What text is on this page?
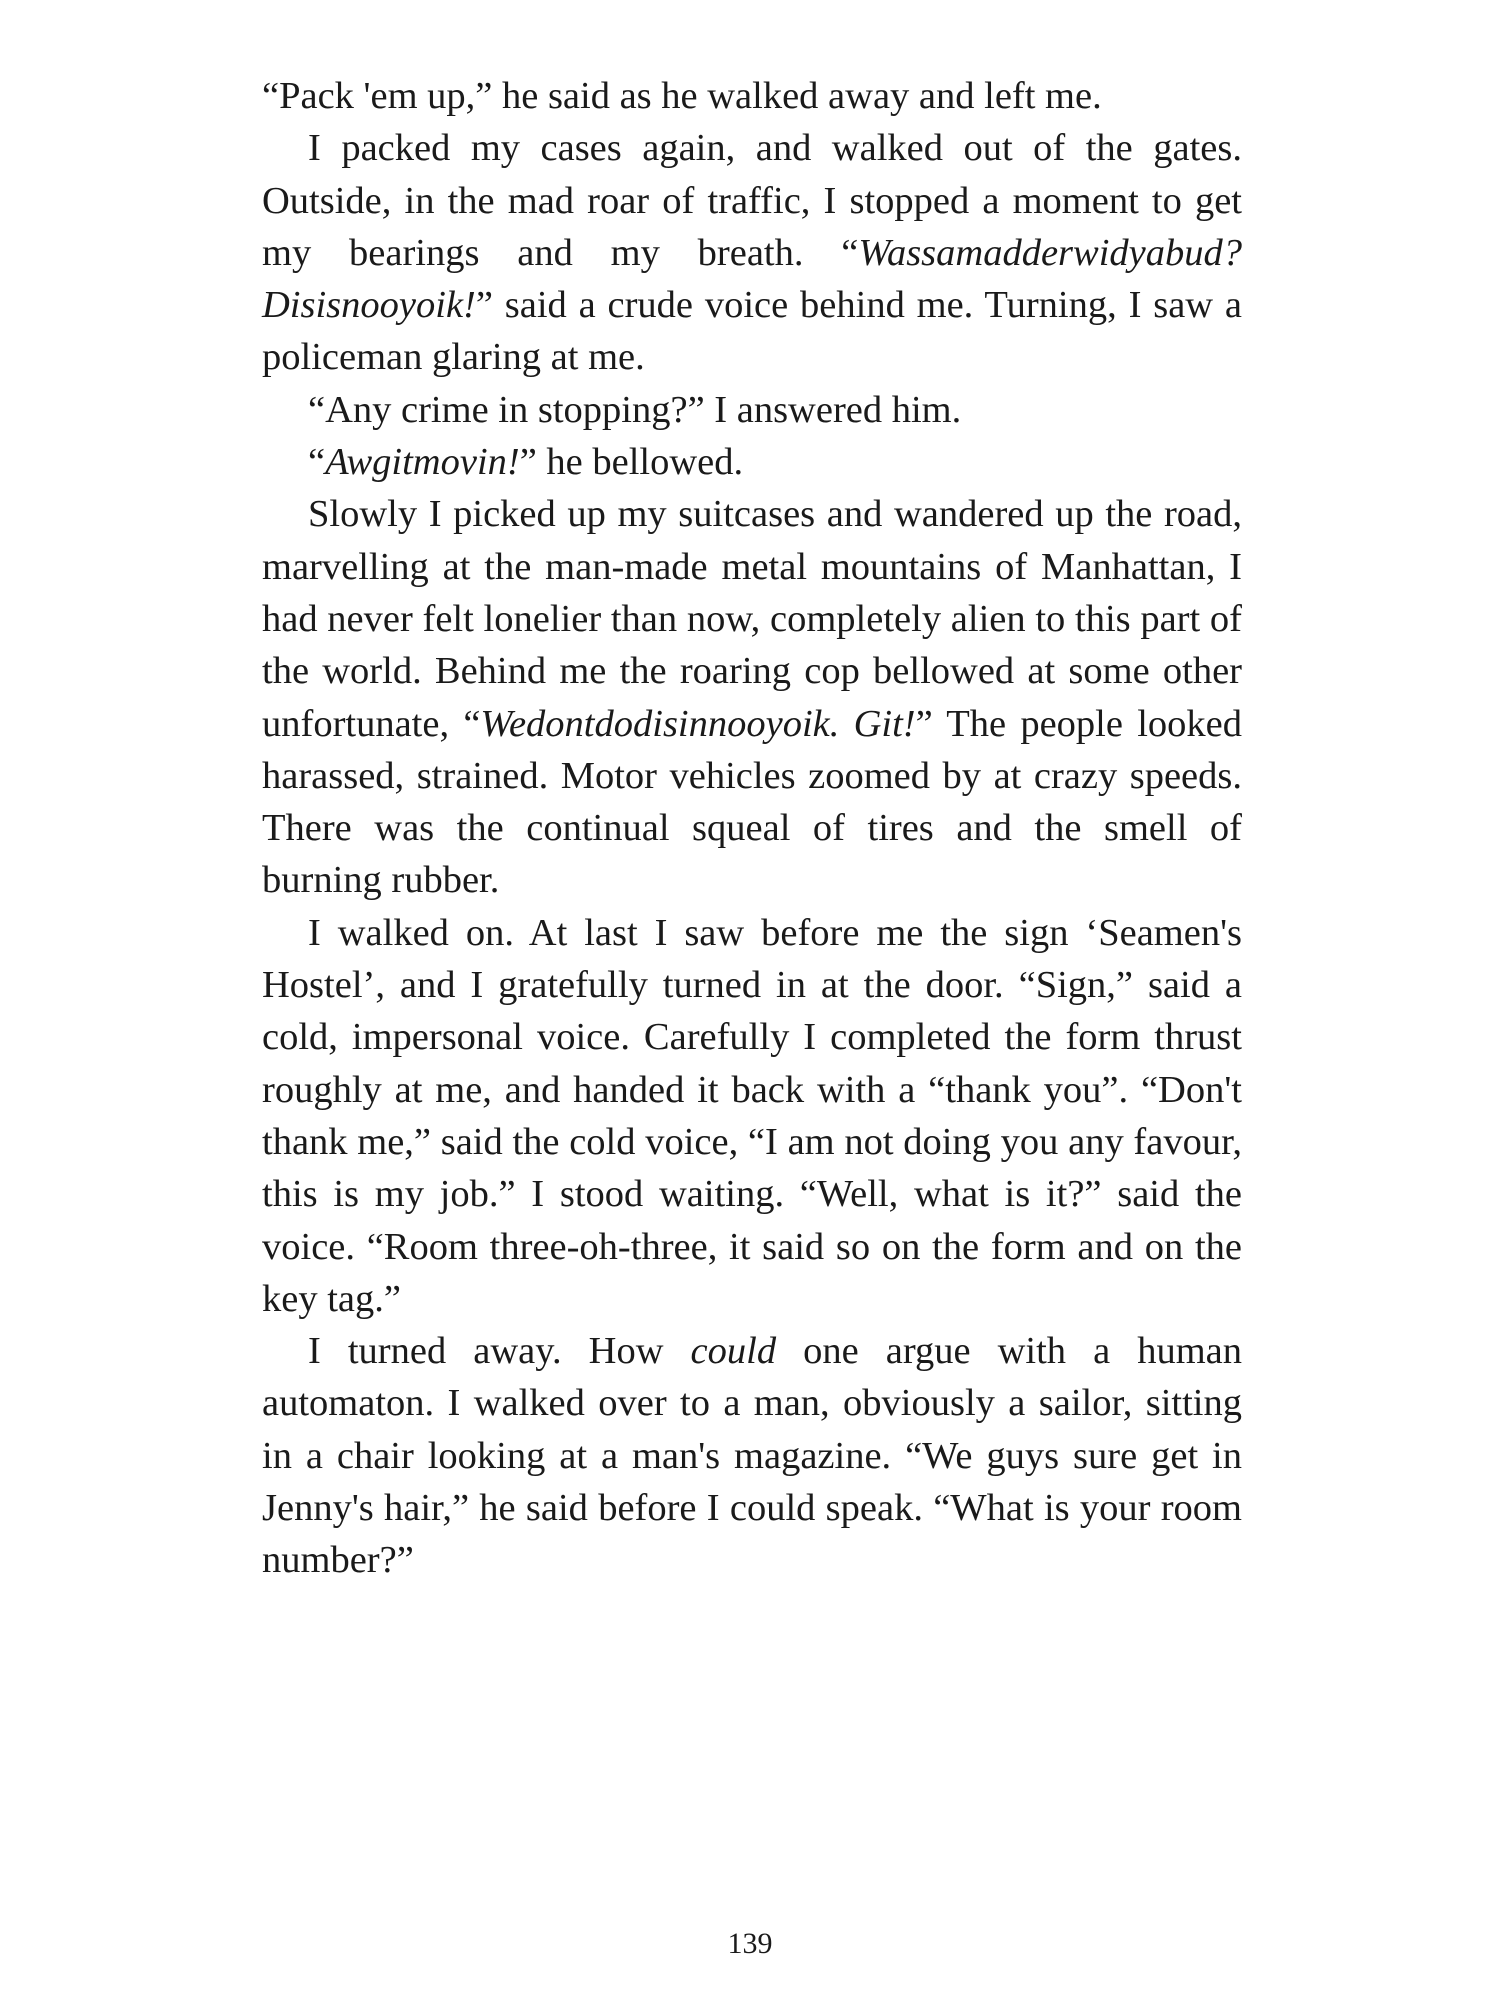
“Pack 'em up,” he said as he walked away and left me.

I packed my cases again, and walked out of the gates. Outside, in the mad roar of traffic, I stopped a moment to get my bearings and my breath. “Wassamadderwidyabud? Disisnooyoik!” said a crude voice behind me. Turning, I saw a policeman glaring at me.

“Any crime in stopping?” I answered him.

“Awgitmovin!” he bellowed.

Slowly I picked up my suitcases and wandered up the road, marvelling at the man-made metal mountains of Manhattan, I had never felt lonelier than now, completely alien to this part of the world. Behind me the roaring cop bellowed at some other unfortunate, “Wedontdodisinnooyoik. Git!” The people looked harassed, strained. Motor vehicles zoomed by at crazy speeds. There was the continual squeal of tires and the smell of burning rubber.

I walked on. At last I saw before me the sign ‘Seamen's Hostel’, and I gratefully turned in at the door. “Sign,” said a cold, impersonal voice. Carefully I completed the form thrust roughly at me, and handed it back with a “thank you”. “Don't thank me,” said the cold voice, “I am not doing you any favour, this is my job.” I stood waiting. “Well, what is it?” said the voice. “Room three-oh-three, it said so on the form and on the key tag.”

I turned away. How could one argue with a human automaton. I walked over to a man, obviously a sailor, sitting in a chair looking at a man's magazine. “We guys sure get in Jenny's hair,” he said before I could speak. “What is your room number?”

139
